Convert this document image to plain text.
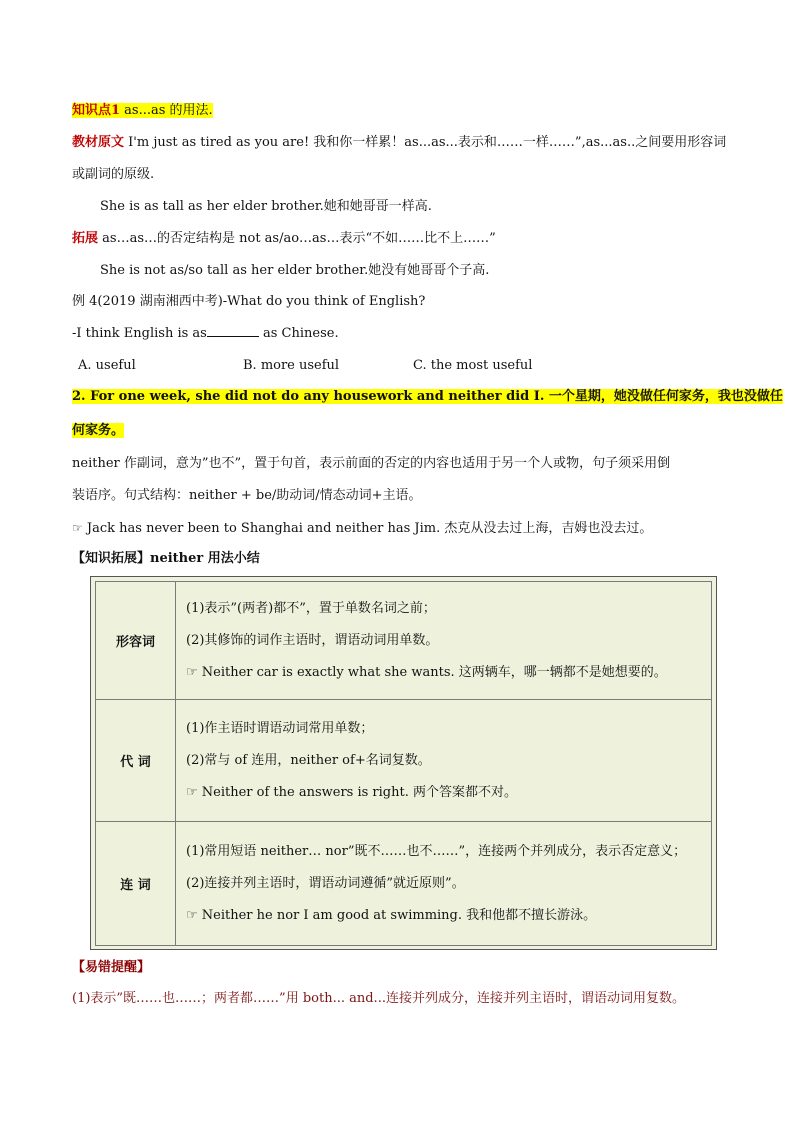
知识点1 as...as 的用法.
教材原文 I'm just as tired as you are! 我和你一样累！as...as...表示和……一样……”,as...as..之间要用形容词
或副词的原级.
She is as tall as her elder brother.她和她哥哥一样高.
拓展 as…as…的否定结构是 not as/ao…as…表示“不如……比不上……”
She is not as/so tall as her elder brother.她没有她哥哥个子高.
例 4(2019 湖南湘西中考)-What do you think of English?
-I think English is as	as Chinese.
A. useful	B. more useful	C. the most useful
2. For one week, she did not do any housework and neither did I. 一个星期，她没做任何家务，我也没做任
何家务。
neither 作副词，意为”也不”，置于句首，表示前面的否定的内容也适用于另一个人或物，句子须采用倒
装语序。句式结构：neither + be/助动词/情态动词+主语。
☞ Jack has never been to Shanghai and neither has Jim. 杰克从没去过上海，吉姆也没去过。
【知识拓展】neither 用法小结
形容词	(1)表示”(两者)都不”，置于单数名词之前；
(2)其修饰的词作主语时，谓语动词用单数。
☞ Neither car is exactly what she wants. 这两辆车，哪一辆都不是她想要的。

代 词	(1)作主语时谓语动词常用单数；
(2)常与 of 连用，neither of+名词复数。
☞ Neither of the answers is right. 两个答案都不对。

连 词	(1)常用短语 neither… nor”既不……也不……”，连接两个并列成分，表示否定意义；
(2)连接并列主语时，谓语动词遵循”就近原则”。
☞ Neither he nor I am good at swimming. 我和他都不擅长游泳。
【易错提醒】
(1)表示”既……也……；两者都……”用 both... and...连接并列成分，连接并列主语时，谓语动词用复数。
